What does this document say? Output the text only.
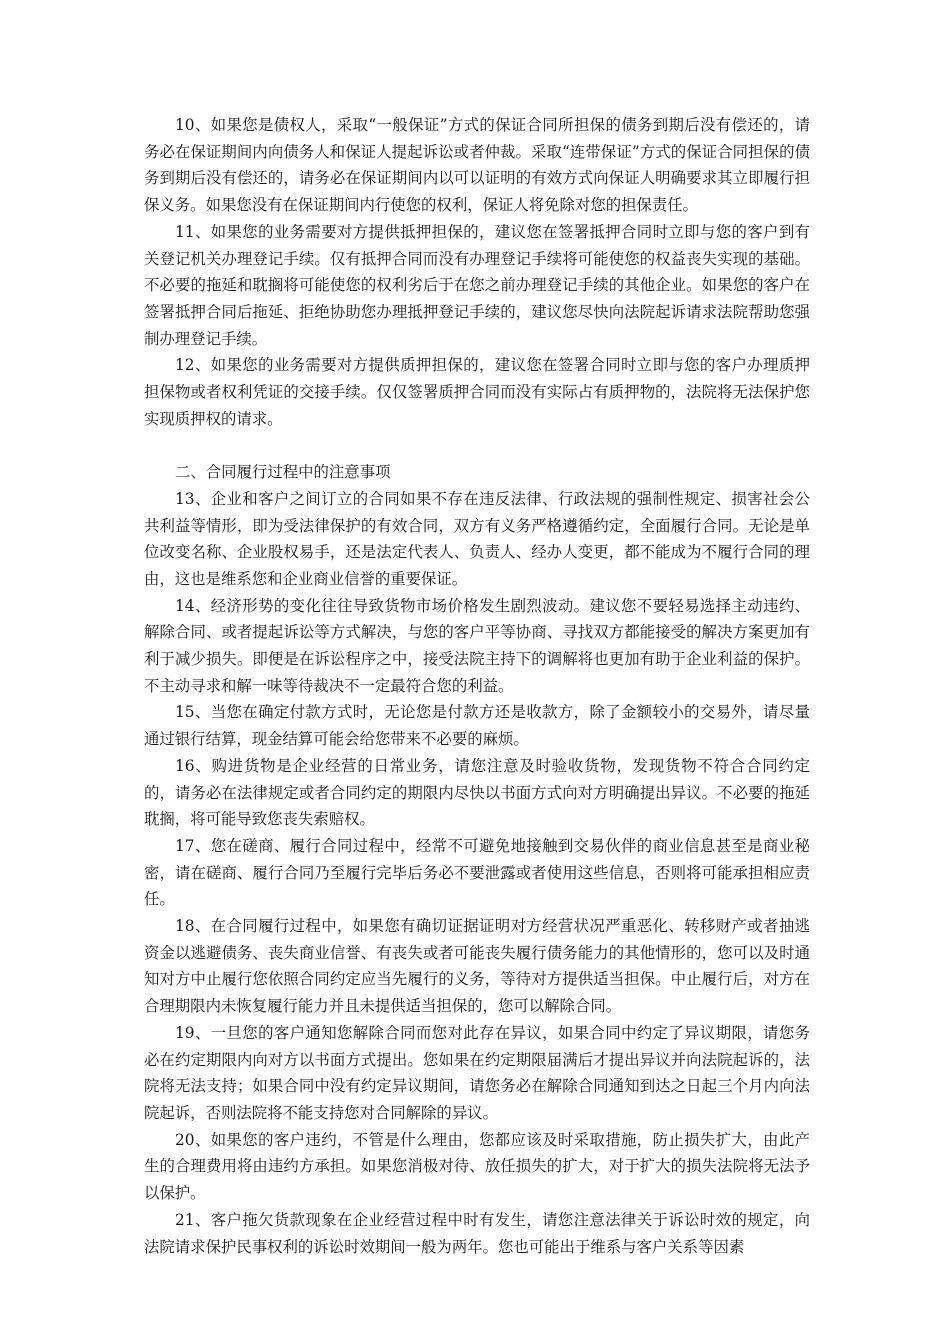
10、如果您是债权人，采取“一般保证”方式的保证合同所担保的债务到期后没有偿还的，请务必在保证期间内向债务人和保证人提起诉讼或者仲裁。采取“连带保证”方式的保证合同担保的债务到期后没有偿还的，请务必在保证期间内以可以证明的有效方式向保证人明确要求其立即履行担保义务。如果您没有在保证期间内行使您的权利，保证人将免除对您的担保责任。

11、如果您的业务需要对方提供抵押担保的，建议您在签署抵押合同时立即与您的客户到有关登记机关办理登记手续。仅有抵押合同而没有办理登记手续将可能使您的权益丧失实现的基础。不必要的拖延和耽搁将可能使您的权利劣后于在您之前办理登记手续的其他企业。如果您的客户在签署抵押合同后拖延、拒绝协助您办理抵押登记手续的，建议您尽快向法院起诉请求法院帮助您强制办理登记手续。

12、如果您的业务需要对方提供质押担保的，建议您在签署合同时立即与您的客户办理质押担保物或者权利凭证的交接手续。仅仅签署质押合同而没有实际占有质押物的，法院将无法保护您实现质押权的请求。

二、合同履行过程中的注意事项

13、企业和客户之间订立的合同如果不存在违反法律、行政法规的强制性规定、损害社会公共利益等情形，即为受法律保护的有效合同，双方有义务严格遵循约定，全面履行合同。无论是单位改变名称、企业股权易手，还是法定代表人、负责人、经办人变更，都不能成为不履行合同的理由，这也是维系您和企业商业信誉的重要保证。

14、经济形势的变化往往导致货物市场价格发生剧烈波动。建议您不要轻易选择主动违约、解除合同、或者提起诉讼等方式解决，与您的客户平等协商、寻找双方都能接受的解决方案更加有利于减少损失。即便是在诉讼程序之中，接受法院主持下的调解将也更加有助于企业利益的保护。不主动寻求和解一味等待裁决不一定最符合您的利益。

15、当您在确定付款方式时，无论您是付款方还是收款方，除了金额较小的交易外，请尽量通过银行结算，现金结算可能会给您带来不必要的麻烦。

16、购进货物是企业经营的日常业务，请您注意及时验收货物，发现货物不符合合同约定的，请务必在法律规定或者合同约定的期限内尽快以书面方式向对方明确提出异议。不必要的拖延耽搁，将可能导致您丧失索赔权。

17、您在磋商、履行合同过程中，经常不可避免地接触到交易伙伴的商业信息甚至是商业秘密，请在磋商、履行合同乃至履行完毕后务必不要泄露或者使用这些信息，否则将可能承担相应责任。

18、在合同履行过程中，如果您有确切证据证明对方经营状况严重恶化、转移财产或者抽逃资金以逃避债务、丧失商业信誉、有丧失或者可能丧失履行债务能力的其他情形的，您可以及时通知对方中止履行您依照合同约定应当先履行的义务，等待对方提供适当担保。中止履行后，对方在合理期限内未恢复履行能力并且未提供适当担保的，您可以解除合同。

19、一旦您的客户通知您解除合同而您对此存在异议，如果合同中约定了异议期限，请您务必在约定期限内向对方以书面方式提出。您如果在约定期限届满后才提出异议并向法院起诉的，法院将无法支持；如果合同中没有约定异议期间，请您务必在解除合同通知到达之日起三个月内向法院起诉，否则法院将不能支持您对合同解除的异议。

20、如果您的客户违约，不管是什么理由，您都应该及时采取措施，防止损失扩大，由此产生的合理费用将由违约方承担。如果您消极对待、放任损失的扩大，对于扩大的损失法院将无法予以保护。

21、客户拖欠货款现象在企业经营过程中时有发生，请您注意法律关于诉讼时效的规定，向法院请求保护民事权利的诉讼时效期间一般为两年。您也可能出于维系与客户关系等因素
